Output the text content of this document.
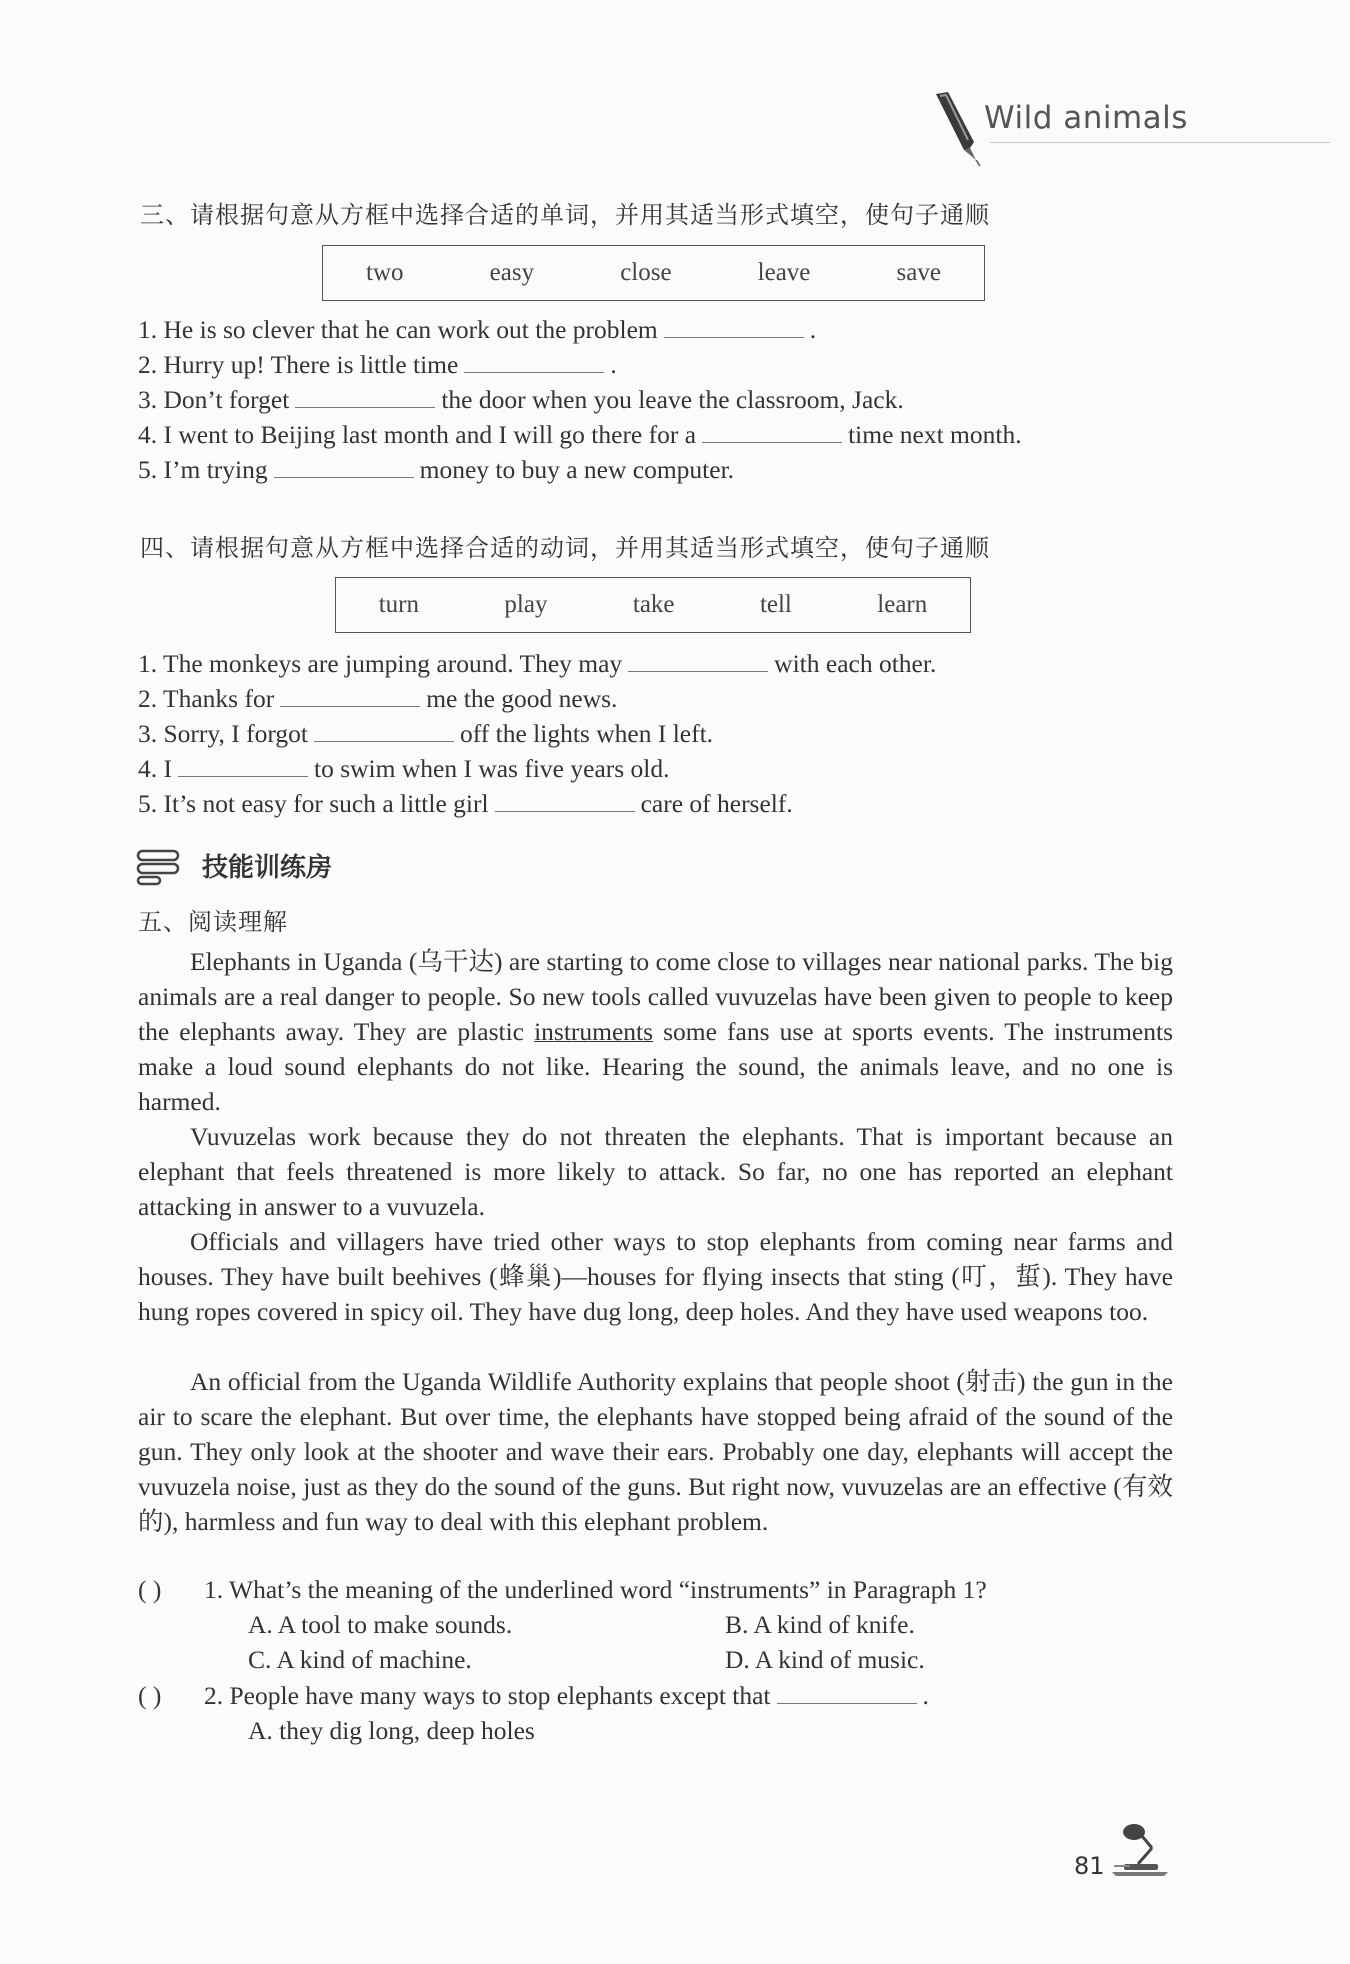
Wild animals
三、请根据句意从方框中选择合适的单词，并用其适当形式填空，使句子通顺
two	easy	close	leave	save
1. He is so clever that he can work out the problem	.
2. Hurry up! There is little time	.
3. Don’t forget	the door when you leave the classroom, Jack.
4. I went to Beijing last month and I will go there for a	time next month.
5. I’m trying	money to buy a new computer.
四、请根据句意从方框中选择合适的动词，并用其适当形式填空，使句子通顺
turn	play	take	tell	learn
1. The monkeys are jumping around. They may	with each other.
2. Thanks for	me the good news.
3. Sorry, I forgot	off the lights when I left.
4. I	to swim when I was five years old.
5. It’s not easy for such a little girl	care of herself.
技能训练房
五、阅读理解
Elephants in Uganda (乌干达) are starting to come close to villages near national parks. The big animals are a real danger to people. So new tools called vuvuzelas have been given to people to keep the elephants away. They are plastic instruments some fans use at sports events. The instruments make a loud sound elephants do not like. Hearing the sound, the animals leave, and no one is harmed.
Vuvuzelas work because they do not threaten the elephants. That is important because an elephant that feels threatened is more likely to attack. So far, no one has reported an elephant attacking in answer to a vuvuzela.
Officials and villagers have tried other ways to stop elephants from coming near farms and houses. They have built beehives (蜂巢)—houses for flying insects that sting (叮，蜇). They have hung ropes covered in spicy oil. They have dug long, deep holes. And they have used weapons too.
An official from the Uganda Wildlife Authority explains that people shoot (射击) the gun in the air to scare the elephant. But over time, the elephants have stopped being afraid of the sound of the gun. They only look at the shooter and wave their ears. Probably one day, elephants will accept the vuvuzela noise, just as they do the sound of the guns. But right now, vuvuzelas are an effective (有效的), harmless and fun way to deal with this elephant problem.
( ) 1. What’s the meaning of the underlined word “instruments” in Paragraph 1?
A. A tool to make sounds.	B. A kind of knife.
C. A kind of machine.	D. A kind of music.
( ) 2. People have many ways to stop elephants except that	.
A. they dig long, deep holes
81
